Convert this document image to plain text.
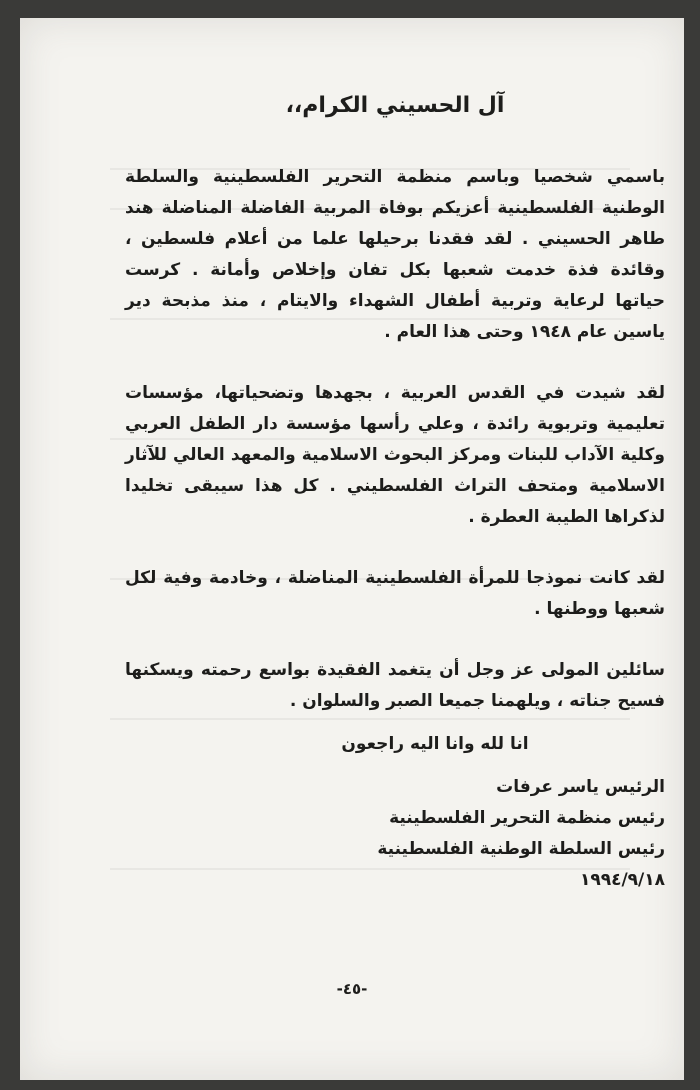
آل الحسيني الكرام،،

باسمي شخصيا وباسم منظمة التحرير الفلسطينية والسلطة الوطنية الفلسطينية أعزيكم بوفاة المربية الفاضلة المناضلة هند طاهر الحسيني . لقد فقدنا برحيلها علما من أعلام فلسطين ، وقائدة فذة خدمت شعبها بكل تفان وإخلاص وأمانة . كرست حياتها لرعاية وتربية أطفال الشهداء والايتام ، منذ مذبحة دير ياسين عام ١٩٤٨ وحتى هذا العام .

لقد شيدت في القدس العربية ، بجهدها وتضحياتها، مؤسسات تعليمية وتربوية رائدة ، وعلي رأسها مؤسسة دار الطفل العربي وكلية الآداب للبنات ومركز البحوث الاسلامية والمعهد العالي للآثار الاسلامية ومتحف التراث الفلسطيني . كل هذا سيبقى تخليدا لذكراها الطيبة العطرة .

لقد كانت نموذجا للمرأة الفلسطينية المناضلة ، وخادمة وفية لكل شعبها ووطنها .

سائلين المولى عز وجل أن يتغمد الفقيدة بواسع رحمته ويسكنها فسيح جناته ، ويلهمنا جميعا الصبر والسلوان .

انا لله وانا اليه راجعون

الرئيس ياسر عرفات

رئيس منظمة التحرير الفلسطينية

رئيس السلطة الوطنية الفلسطينية

١٩٩٤/٩/١٨

-٤٥-
